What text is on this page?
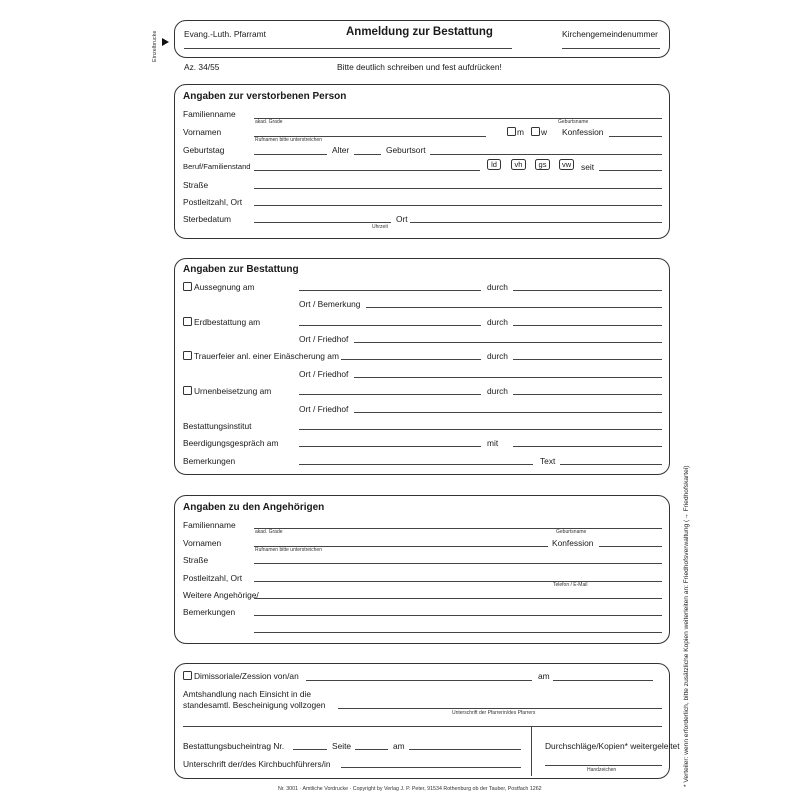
Einzelbrucke
* Verteiler: wenn erforderlich, bitte zusätzliche Kopien weiterleiten an: Friedhofsverwaltung (→ Friedhofskartei)
Evang.-Luth. Pfarramt	Anmeldung zur Bestattung	Kirchengemeindenummer
Az. 34/55	Bitte deutlich schreiben und fest aufdrücken!
Angaben zur verstorbenen Person
Familienname
akad. Grade	Geburtsname
Vornamen	m w Konfession
Rufnamen bitte unterstreichen
Geburtstag	Alter	Geburtsort
Beruf/Familienstand	ld	vh	gs	vw	seit
Straße
Postleitzahl, Ort
Sterbedatum	Ort
Uhrzeit
Angaben zur Bestattung
Aussegnung am	durch
Ort / Bemerkung
Erdbestattung am	durch
Ort / Friedhof
Trauerfeier anl. einer Einäscherung am	durch
Ort / Friedhof
Urnenbeisetzung am	durch
Ort / Friedhof
Bestattungsinstitut
Beerdigungsgespräch am	mit
Bemerkungen	Text
Angaben zu den Angehörigen
Familienname
akad. Grade	Geburtsname
Vornamen	Konfession
Rufnamen bitte unterstreichen
Straße
Postleitzahl, Ort
Telefon / E-Mail
Weitere Angehörige/
Bemerkungen
Dimissoriale/Zession von/an	am
Amtshandlung nach Einsicht in die
standesamtl. Bescheinigung vollzogen
Unterschrift der Pfarrerin/des Pfarrers
Bestattungsbucheintrag Nr.	Seite	am	Durchschläge/Kopien* weitergeleitet
Unterschrift der/des Kirchbuchführers/in
Handzeichen
Nr. 3001 · Amtliche Vordrucke · Copyright by Verlag J. P. Peter, 91534 Rothenburg ob der Tauber, Postfach 1262
